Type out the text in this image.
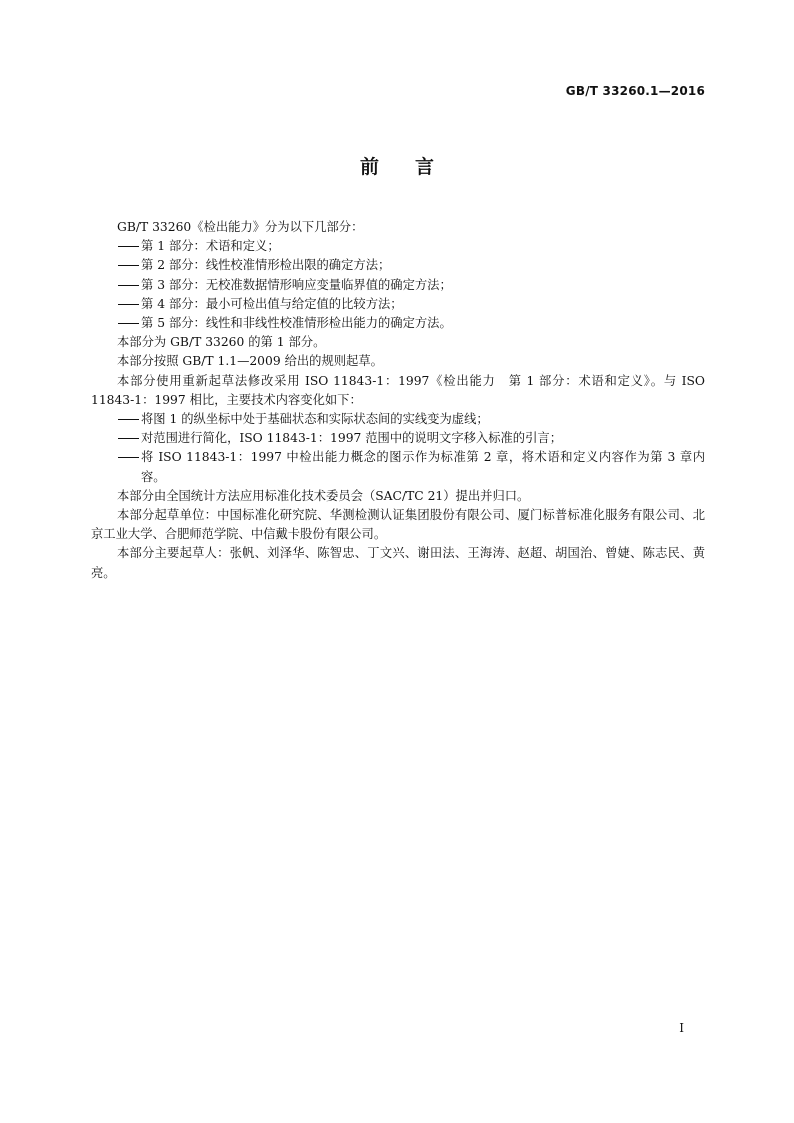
GB/T 33260.1—2016
前言

GB/T 33260《检出能力》分为以下几部分：

第 1 部分：术语和定义；

第 2 部分：线性校准情形检出限的确定方法；

第 3 部分：无校准数据情形响应变量临界值的确定方法；

第 4 部分：最小可检出值与给定值的比较方法；

第 5 部分：线性和非线性校准情形检出能力的确定方法。

本部分为 GB/T 33260 的第 1 部分。

本部分按照 GB/T 1.1—2009 给出的规则起草。

本部分使用重新起草法修改采用 ISO 11843-1：1997《检出能力　第 1 部分：术语和定义》。与 ISO 11843-1：1997 相比，主要技术内容变化如下：

将图 1 的纵坐标中处于基础状态和实际状态间的实线变为虚线；

对范围进行简化，ISO 11843-1：1997 范围中的说明文字移入标准的引言；

将 ISO 11843-1：1997 中检出能力概念的图示作为标准第 2 章，将术语和定义内容作为第 3 章内容。

本部分由全国统计方法应用标准化技术委员会（SAC/TC 21）提出并归口。

本部分起草单位：中国标准化研究院、华测检测认证集团股份有限公司、厦门标普标准化服务有限公司、北京工业大学、合肥师范学院、中信戴卡股份有限公司。

本部分主要起草人：张帆、刘泽华、陈智忠、丁文兴、谢田法、王海涛、赵超、胡国治、曾婕、陈志民、黄亮。

I
